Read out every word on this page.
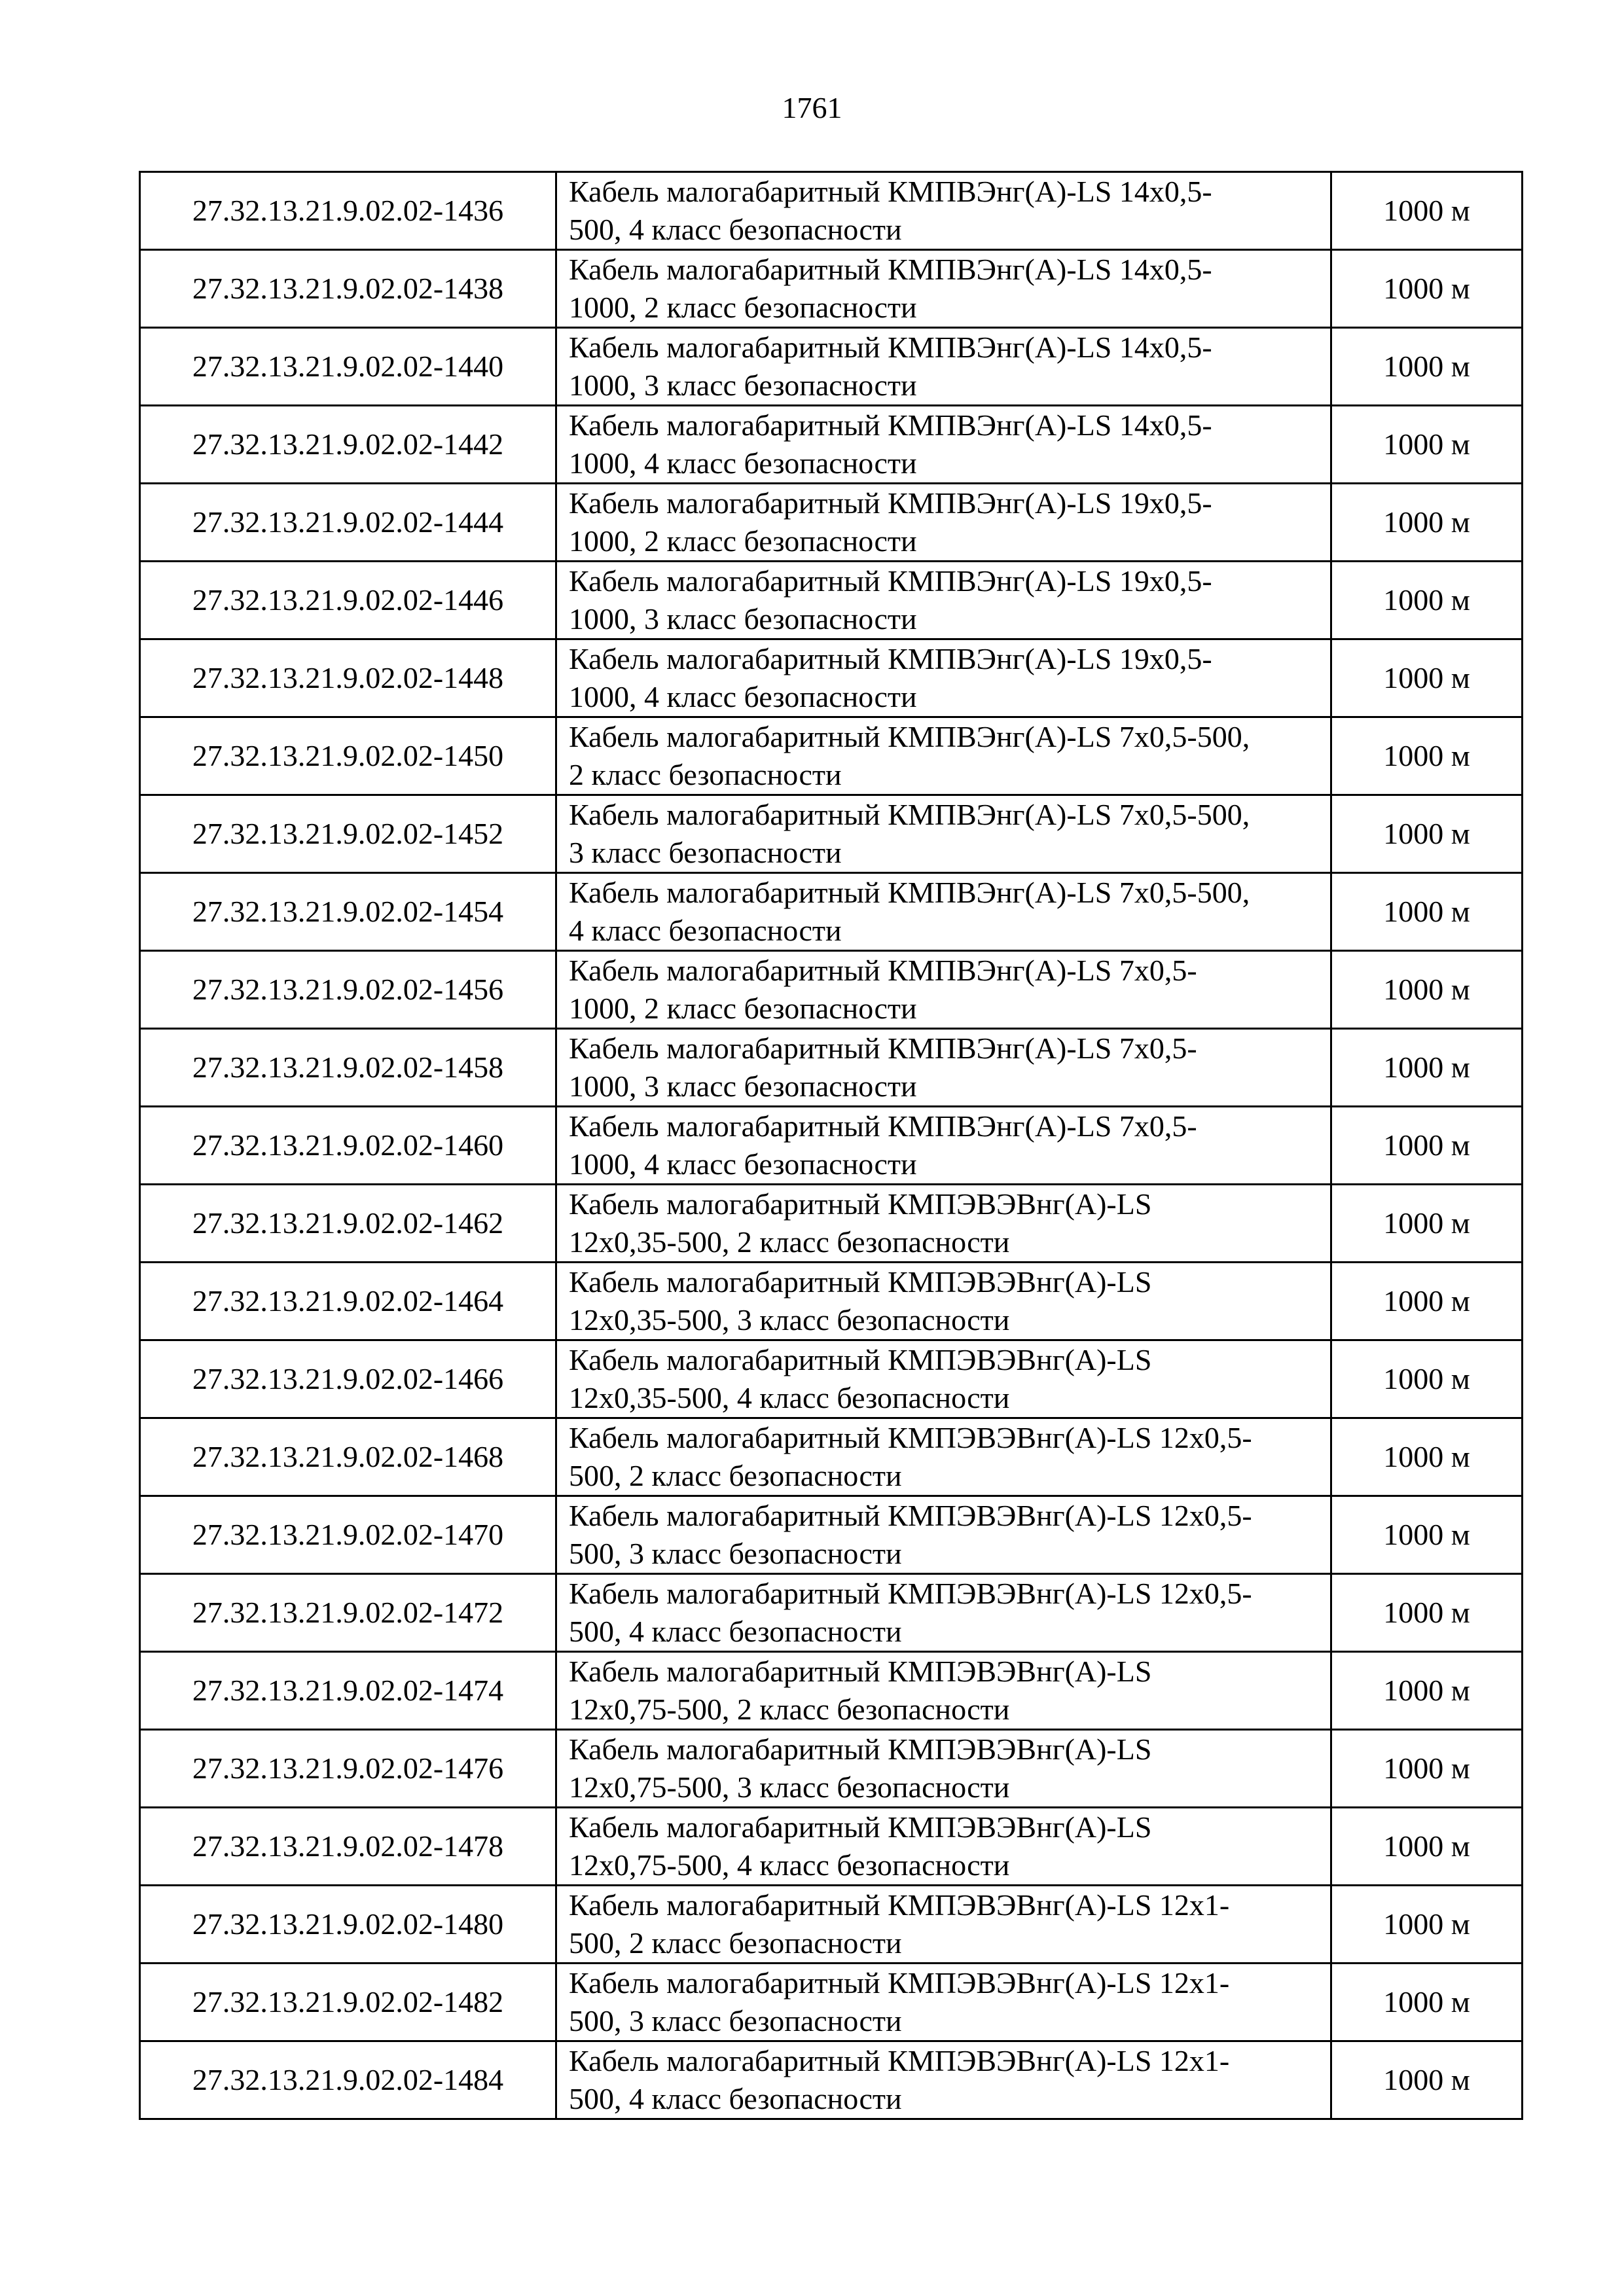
1761
27.32.13.21.9.02.02-1436	Кабель малогабаритный КМПВЭнг(А)-LS 14х0,5-
500, 4 класс безопасности	1000 м
27.32.13.21.9.02.02-1438	Кабель малогабаритный КМПВЭнг(А)-LS 14х0,5-
1000, 2 класс безопасности	1000 м
27.32.13.21.9.02.02-1440	Кабель малогабаритный КМПВЭнг(А)-LS 14х0,5-
1000, 3 класс безопасности	1000 м
27.32.13.21.9.02.02-1442	Кабель малогабаритный КМПВЭнг(А)-LS 14х0,5-
1000, 4 класс безопасности	1000 м
27.32.13.21.9.02.02-1444	Кабель малогабаритный КМПВЭнг(А)-LS 19х0,5-
1000, 2 класс безопасности	1000 м
27.32.13.21.9.02.02-1446	Кабель малогабаритный КМПВЭнг(А)-LS 19х0,5-
1000, 3 класс безопасности	1000 м
27.32.13.21.9.02.02-1448	Кабель малогабаритный КМПВЭнг(А)-LS 19х0,5-
1000, 4 класс безопасности	1000 м
27.32.13.21.9.02.02-1450	Кабель малогабаритный КМПВЭнг(А)-LS 7х0,5-500,
2 класс безопасности	1000 м
27.32.13.21.9.02.02-1452	Кабель малогабаритный КМПВЭнг(А)-LS 7х0,5-500,
3 класс безопасности	1000 м
27.32.13.21.9.02.02-1454	Кабель малогабаритный КМПВЭнг(А)-LS 7х0,5-500,
4 класс безопасности	1000 м
27.32.13.21.9.02.02-1456	Кабель малогабаритный КМПВЭнг(А)-LS 7х0,5-
1000, 2 класс безопасности	1000 м
27.32.13.21.9.02.02-1458	Кабель малогабаритный КМПВЭнг(А)-LS 7х0,5-
1000, 3 класс безопасности	1000 м
27.32.13.21.9.02.02-1460	Кабель малогабаритный КМПВЭнг(А)-LS 7х0,5-
1000, 4 класс безопасности	1000 м
27.32.13.21.9.02.02-1462	Кабель малогабаритный КМПЭВЭВнг(А)-LS
12х0,35-500, 2 класс безопасности	1000 м
27.32.13.21.9.02.02-1464	Кабель малогабаритный КМПЭВЭВнг(А)-LS
12х0,35-500, 3 класс безопасности	1000 м
27.32.13.21.9.02.02-1466	Кабель малогабаритный КМПЭВЭВнг(А)-LS
12х0,35-500, 4 класс безопасности	1000 м
27.32.13.21.9.02.02-1468	Кабель малогабаритный КМПЭВЭВнг(А)-LS 12х0,5-
500, 2 класс безопасности	1000 м
27.32.13.21.9.02.02-1470	Кабель малогабаритный КМПЭВЭВнг(А)-LS 12х0,5-
500, 3 класс безопасности	1000 м
27.32.13.21.9.02.02-1472	Кабель малогабаритный КМПЭВЭВнг(А)-LS 12х0,5-
500, 4 класс безопасности	1000 м
27.32.13.21.9.02.02-1474	Кабель малогабаритный КМПЭВЭВнг(А)-LS
12х0,75-500, 2 класс безопасности	1000 м
27.32.13.21.9.02.02-1476	Кабель малогабаритный КМПЭВЭВнг(А)-LS
12х0,75-500, 3 класс безопасности	1000 м
27.32.13.21.9.02.02-1478	Кабель малогабаритный КМПЭВЭВнг(А)-LS
12х0,75-500, 4 класс безопасности	1000 м
27.32.13.21.9.02.02-1480	Кабель малогабаритный КМПЭВЭВнг(А)-LS 12х1-
500, 2 класс безопасности	1000 м
27.32.13.21.9.02.02-1482	Кабель малогабаритный КМПЭВЭВнг(А)-LS 12х1-
500, 3 класс безопасности	1000 м
27.32.13.21.9.02.02-1484	Кабель малогабаритный КМПЭВЭВнг(А)-LS 12х1-
500, 4 класс безопасности	1000 м
